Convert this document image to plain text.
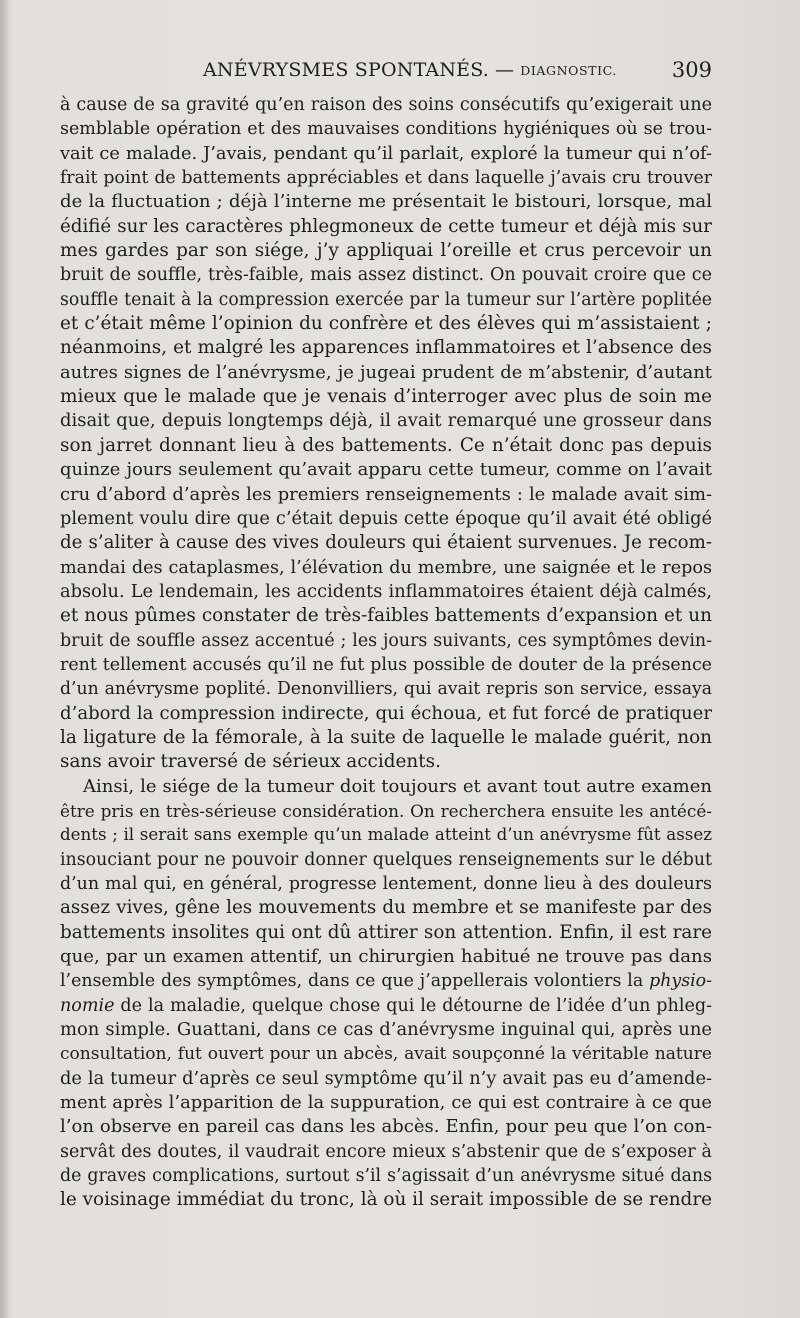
ANÉVRYSMES SPONTANÉS. — DIAGNOSTIC.	309
à cause de sa gravité qu’en raison des soins consécutifs qu’exigerait une
semblable opération et des mauvaises conditions hygiéniques où se trou-
vait ce malade. J’avais, pendant qu’il parlait, exploré la tumeur qui n’of-
frait point de battements appréciables et dans laquelle j’avais cru trouver
de la fluctuation ; déjà l’interne me présentait le bistouri, lorsque, mal
édifié sur les caractères phlegmoneux de cette tumeur et déjà mis sur
mes gardes par son siége, j’y appliquai l’oreille et crus percevoir un
bruit de souffle, très-faible, mais assez distinct. On pouvait croire que ce
souffle tenait à la compression exercée par la tumeur sur l’artère poplitée
et c’était même l’opinion du confrère et des élèves qui m’assistaient ;
néanmoins, et malgré les apparences inflammatoires et l’absence des
autres signes de l’anévrysme, je jugeai prudent de m’abstenir, d’autant
mieux que le malade que je venais d’interroger avec plus de soin me
disait que, depuis longtemps déjà, il avait remarqué une grosseur dans
son jarret donnant lieu à des battements. Ce n’était donc pas depuis
quinze jours seulement qu’avait apparu cette tumeur, comme on l’avait
cru d’abord d’après les premiers renseignements : le malade avait sim-
plement voulu dire que c’était depuis cette époque qu’il avait été obligé
de s’aliter à cause des vives douleurs qui étaient survenues. Je recom-
mandai des cataplasmes, l’élévation du membre, une saignée et le repos
absolu. Le lendemain, les accidents inflammatoires étaient déjà calmés,
et nous pûmes constater de très-faibles battements d’expansion et un
bruit de souffle assez accentué ; les jours suivants, ces symptômes devin-
rent tellement accusés qu’il ne fut plus possible de douter de la présence
d’un anévrysme poplité. Denonvilliers, qui avait repris son service, essaya
d’abord la compression indirecte, qui échoua, et fut forcé de pratiquer
la ligature de la fémorale, à la suite de laquelle le malade guérit, non
sans avoir traversé de sérieux accidents.
Ainsi, le siége de la tumeur doit toujours et avant tout autre examen
être pris en très-sérieuse considération. On recherchera ensuite les antécé-
dents ; il serait sans exemple qu’un malade atteint d’un anévrysme fût assez
insouciant pour ne pouvoir donner quelques renseignements sur le début
d’un mal qui, en général, progresse lentement, donne lieu à des douleurs
assez vives, gêne les mouvements du membre et se manifeste par des
battements insolites qui ont dû attirer son attention. Enfin, il est rare
que, par un examen attentif, un chirurgien habitué ne trouve pas dans
l’ensemble des symptômes, dans ce que j’appellerais volontiers la physio-
nomie de la maladie, quelque chose qui le détourne de l’idée d’un phleg-
mon simple. Guattani, dans ce cas d’anévrysme inguinal qui, après une
consultation, fut ouvert pour un abcès, avait soupçonné la véritable nature
de la tumeur d’après ce seul symptôme qu’il n’y avait pas eu d’amende-
ment après l’apparition de la suppuration, ce qui est contraire à ce que
l’on observe en pareil cas dans les abcès. Enfin, pour peu que l’on con-
servât des doutes, il vaudrait encore mieux s’abstenir que de s’exposer à
de graves complications, surtout s’il s’agissait d’un anévrysme situé dans
le voisinage immédiat du tronc, là où il serait impossible de se rendre
